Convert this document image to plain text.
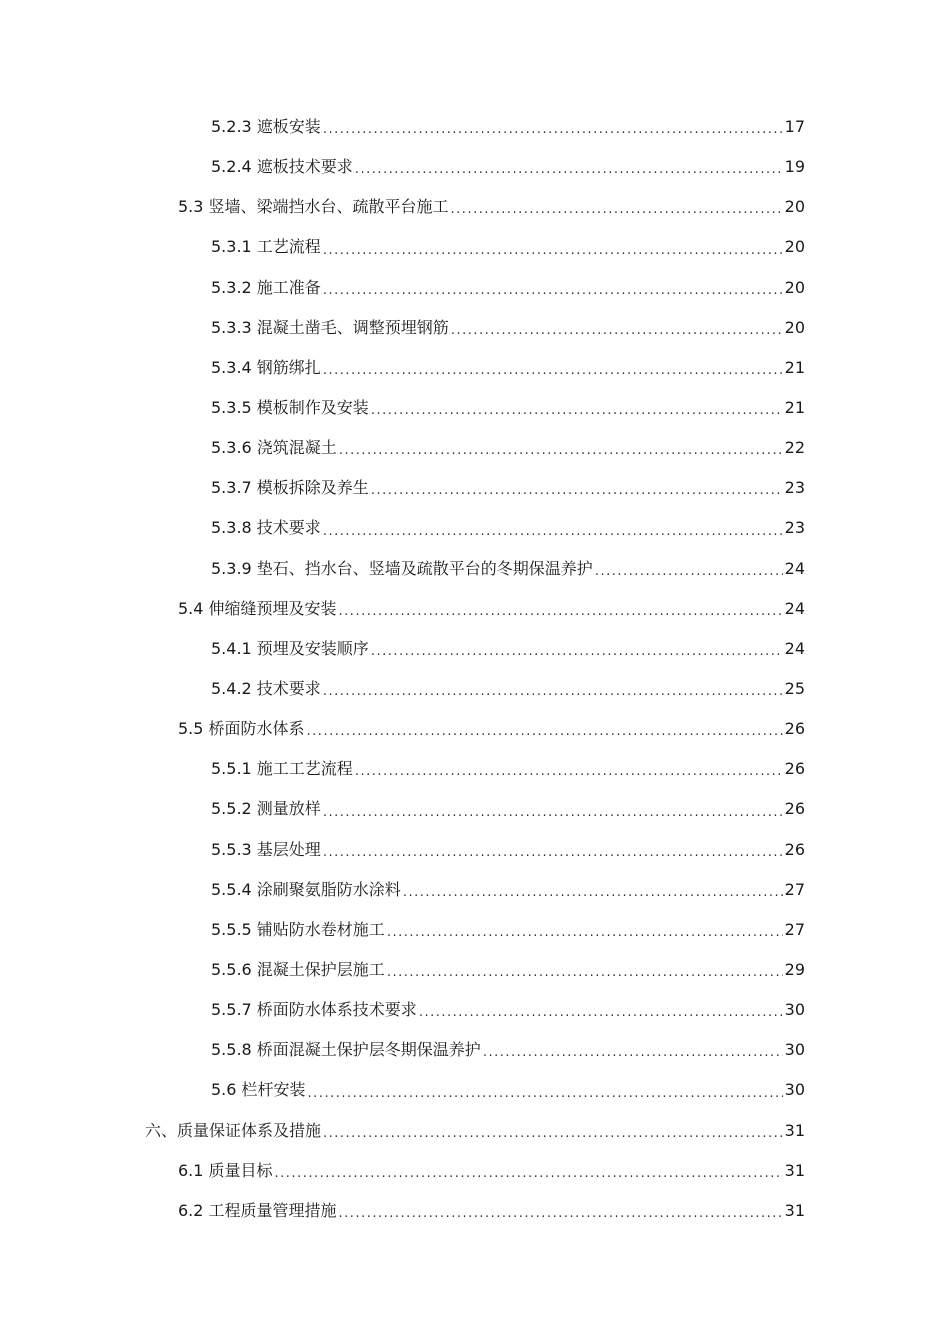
5.2.3 遮板安装 .....	17
5.2.4 遮板技术要求 .....	19
5.3 竖墙、梁端挡水台、疏散平台施工 .....	20
5.3.1 工艺流程 .....	20
5.3.2 施工准备 .....	20
5.3.3 混凝土凿毛、调整预埋钢筋 .....	20
5.3.4 钢筋绑扎 .....	21
5.3.5 模板制作及安装 .....	21
5.3.6 浇筑混凝土 .....	22
5.3.7 模板拆除及养生 .....	23
5.3.8 技术要求 .....	23
5.3.9 垫石、挡水台、竖墙及疏散平台的冬期保温养护 .....	24
5.4 伸缩缝预埋及安装 .....	24
5.4.1 预埋及安装顺序 .....	24
5.4.2 技术要求 .....	25
5.5 桥面防水体系 .....	26
5.5.1 施工工艺流程 .....	26
5.5.2 测量放样 .....	26
5.5.3 基层处理 .....	26
5.5.4 涂刷聚氨脂防水涂料 .....	27
5.5.5 铺贴防水卷材施工 .....	27
5.5.6 混凝土保护层施工 .....	29
5.5.7 桥面防水体系技术要求 .....	30
5.5.8 桥面混凝土保护层冬期保温养护 .....	30
5.6 栏杆安装 .....	30
六、质量保证体系及措施 .....	31
6.1 质量目标 .....	31
6.2 工程质量管理措施 .....	31
